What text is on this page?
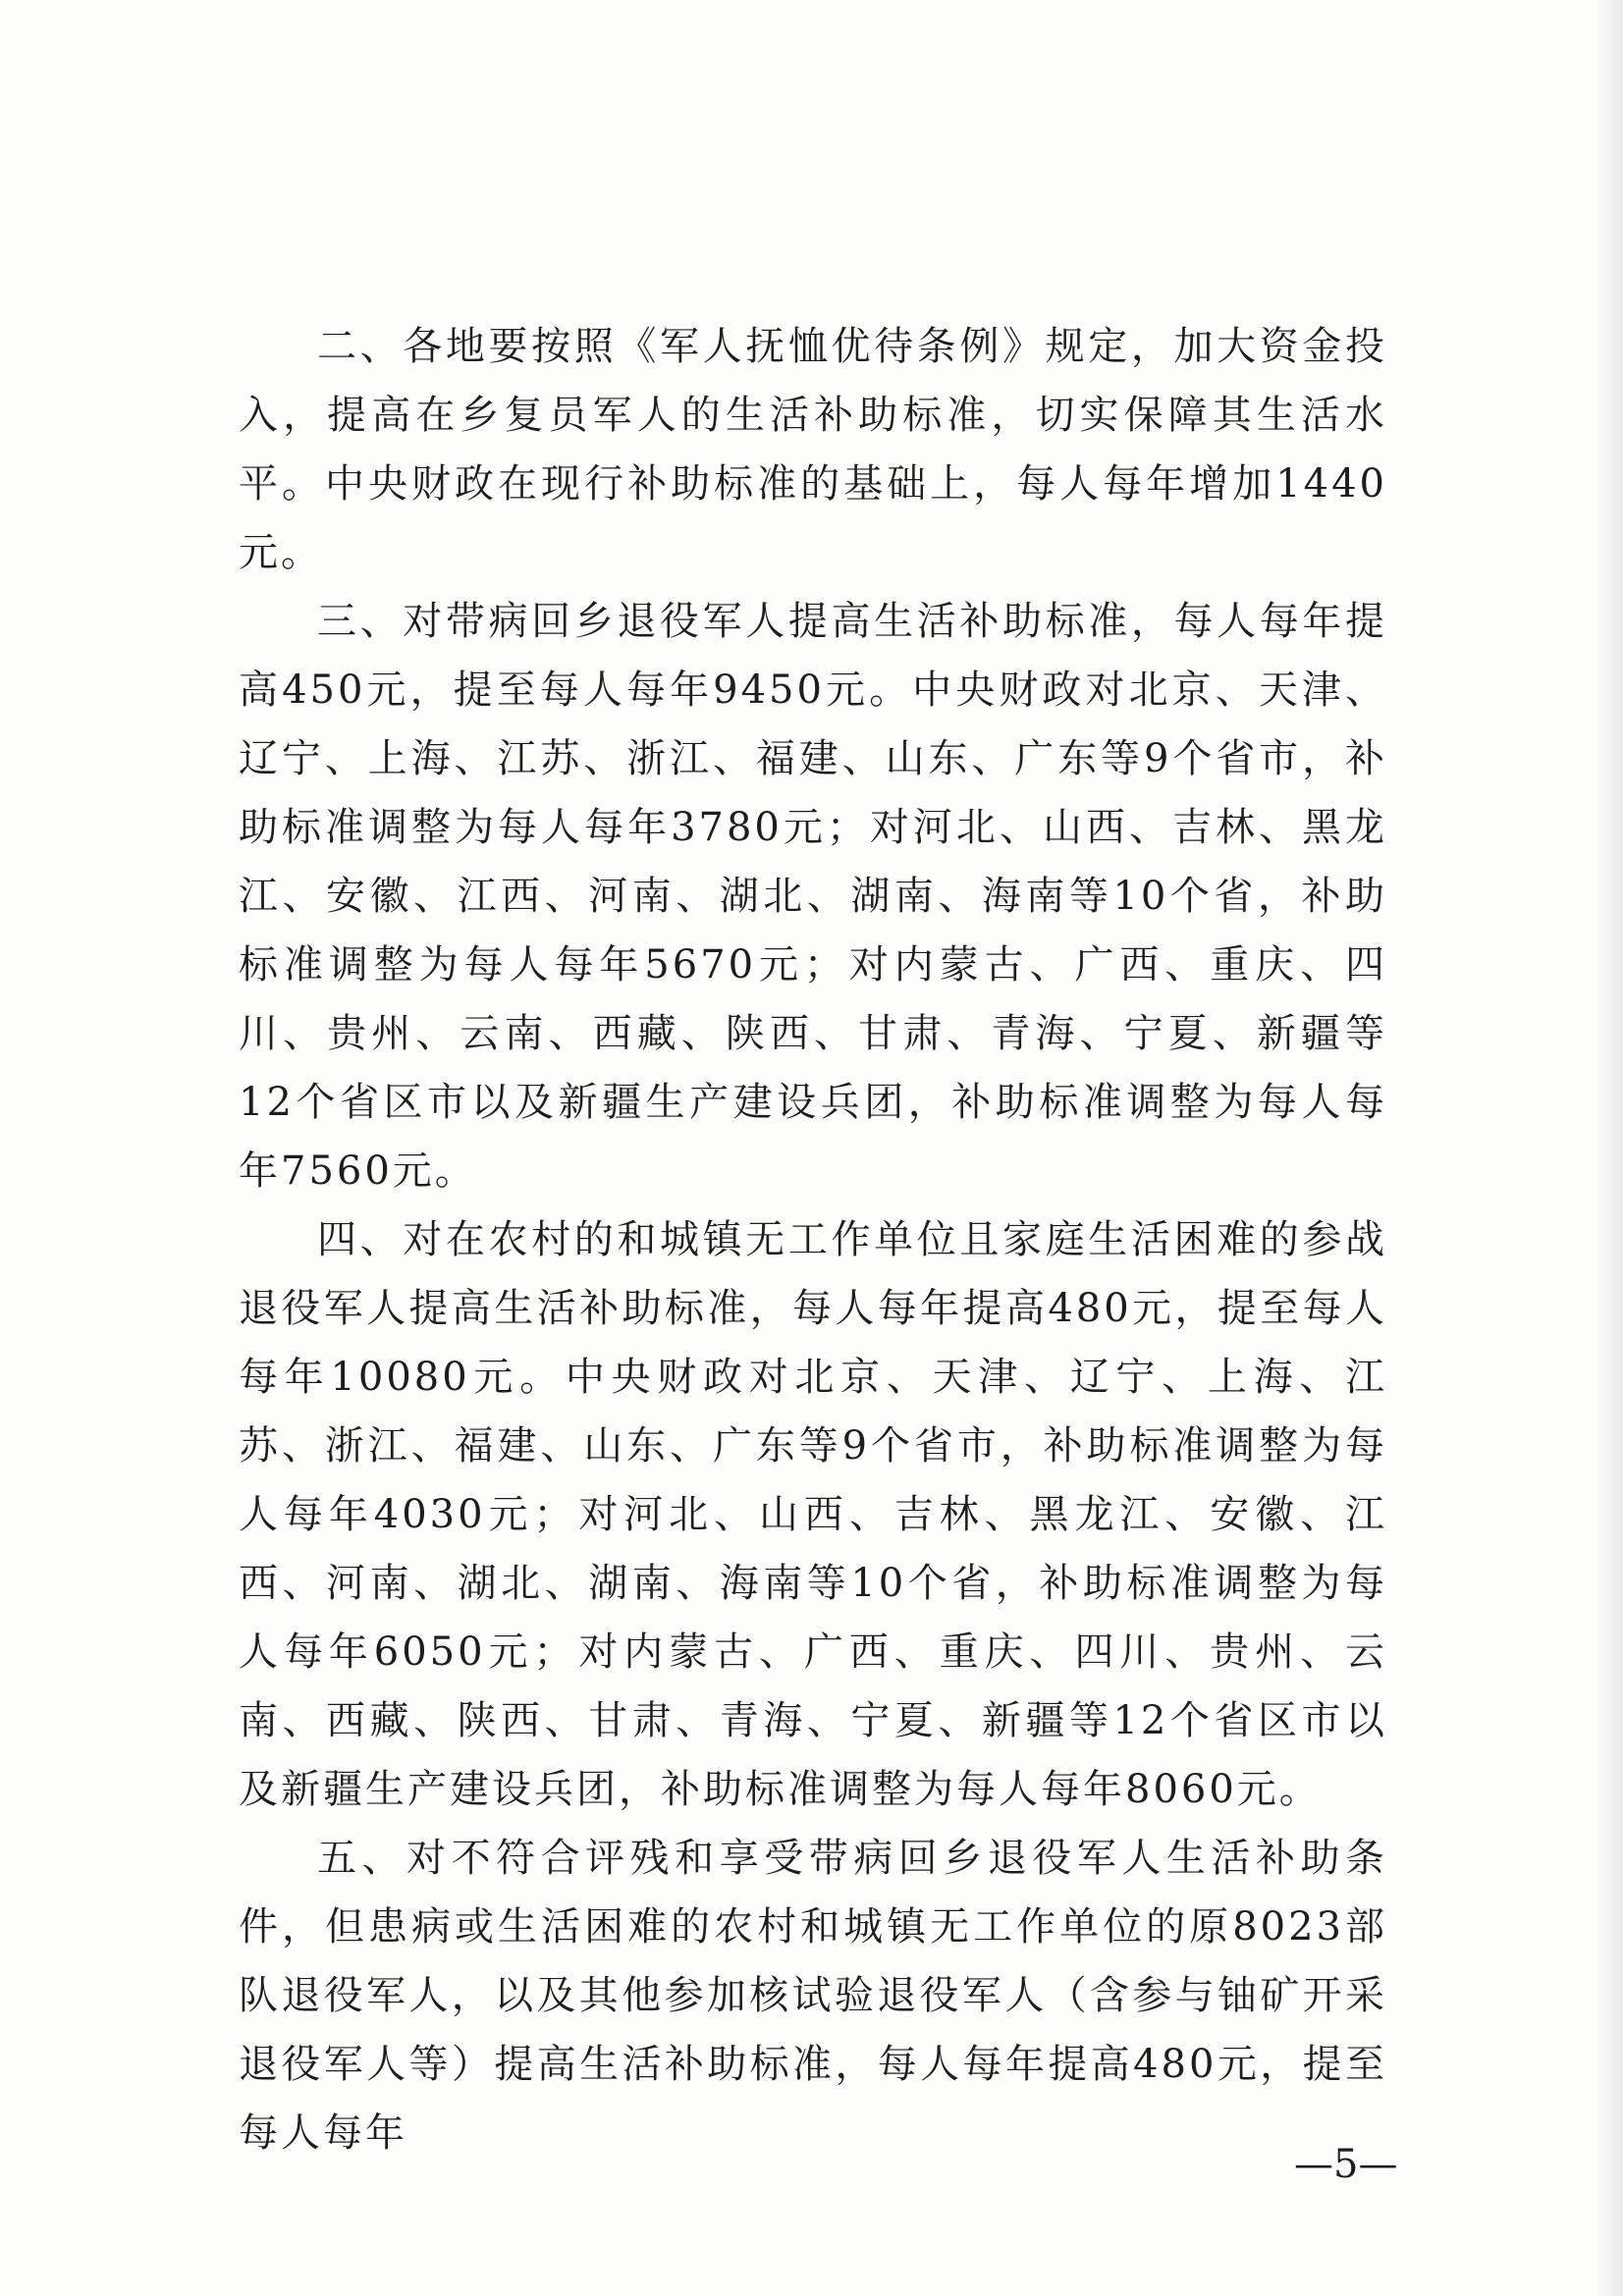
二、各地要按照《军人抚恤优待条例》规定，加大资金投入，提高在乡复员军人的生活补助标准，切实保障其生活水平。中央财政在现行补助标准的基础上，每人每年增加1440元。

三、对带病回乡退役军人提高生活补助标准，每人每年提高450元，提至每人每年9450元。中央财政对北京、天津、辽宁、上海、江苏、浙江、福建、山东、广东等9个省市，补助标准调整为每人每年3780元；对河北、山西、吉林、黑龙江、安徽、江西、河南、湖北、湖南、海南等10个省，补助标准调整为每人每年5670元；对内蒙古、广西、重庆、四川、贵州、云南、西藏、陕西、甘肃、青海、宁夏、新疆等12个省区市以及新疆生产建设兵团，补助标准调整为每人每年7560元。

四、对在农村的和城镇无工作单位且家庭生活困难的参战退役军人提高生活补助标准，每人每年提高480元，提至每人每年10080元。中央财政对北京、天津、辽宁、上海、江苏、浙江、福建、山东、广东等9个省市，补助标准调整为每人每年4030元；对河北、山西、吉林、黑龙江、安徽、江西、河南、湖北、湖南、海南等10个省，补助标准调整为每人每年6050元；对内蒙古、广西、重庆、四川、贵州、云南、西藏、陕西、甘肃、青海、宁夏、新疆等12个省区市以及新疆生产建设兵团，补助标准调整为每人每年8060元。

五、对不符合评残和享受带病回乡退役军人生活补助条件，但患病或生活困难的农村和城镇无工作单位的原8023部队退役军人，以及其他参加核试验退役军人（含参与铀矿开采退役军人等）提高生活补助标准，每人每年提高480元，提至每人每年

—5—
